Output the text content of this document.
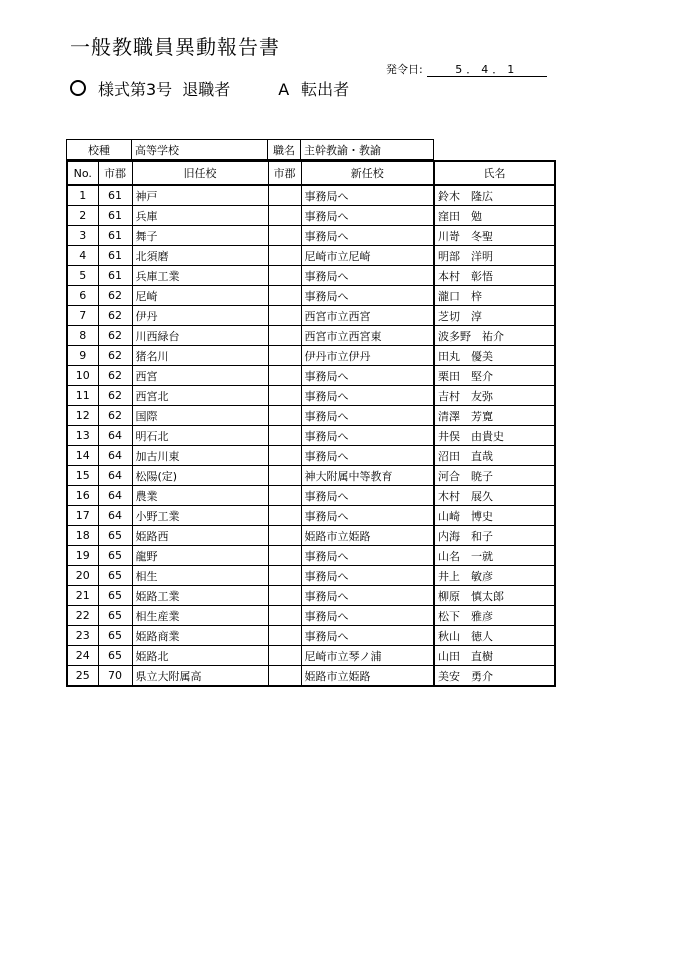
一般教職員異動報告書
発令日:	5．4．1
様式第3号 退職者	A 転出者
校種	高等学校	職名	主幹教諭・教諭
No.	市郡	旧任校	市郡	新任校	氏名
1	61	神戸		事務局へ	鈴木　隆広
2	61	兵庫		事務局へ	窪田　勉
3	61	舞子		事務局へ	川嵜　冬聖
4	61	北須磨		尼崎市立尼崎	明部　洋明
5	61	兵庫工業		事務局へ	本村　彰悟
6	62	尼崎		事務局へ	瀧口　梓
7	62	伊丹		西宮市立西宮	芝切　淳
8	62	川西緑台		西宮市立西宮東	波多野　祐介
9	62	猪名川		伊丹市立伊丹	田丸　優美
10	62	西宮		事務局へ	栗田　堅介
11	62	西宮北		事務局へ	吉村　友弥
12	62	国際		事務局へ	清澤　芳寛
13	64	明石北		事務局へ	井俣　由貴史
14	64	加古川東		事務局へ	沼田　直哉
15	64	松陽(定)		神大附属中等教育	河合　暁子
16	64	農業		事務局へ	木村　展久
17	64	小野工業		事務局へ	山崎　博史
18	65	姫路西		姫路市立姫路	内海　和子
19	65	龍野		事務局へ	山名　一就
20	65	相生		事務局へ	井上　敏彦
21	65	姫路工業		事務局へ	柳原　慎太郎
22	65	相生産業		事務局へ	松下　雅彦
23	65	姫路商業		事務局へ	秋山　徳人
24	65	姫路北		尼崎市立琴ノ浦	山田　直樹
25	70	県立大附属高		姫路市立姫路	美安　勇介
